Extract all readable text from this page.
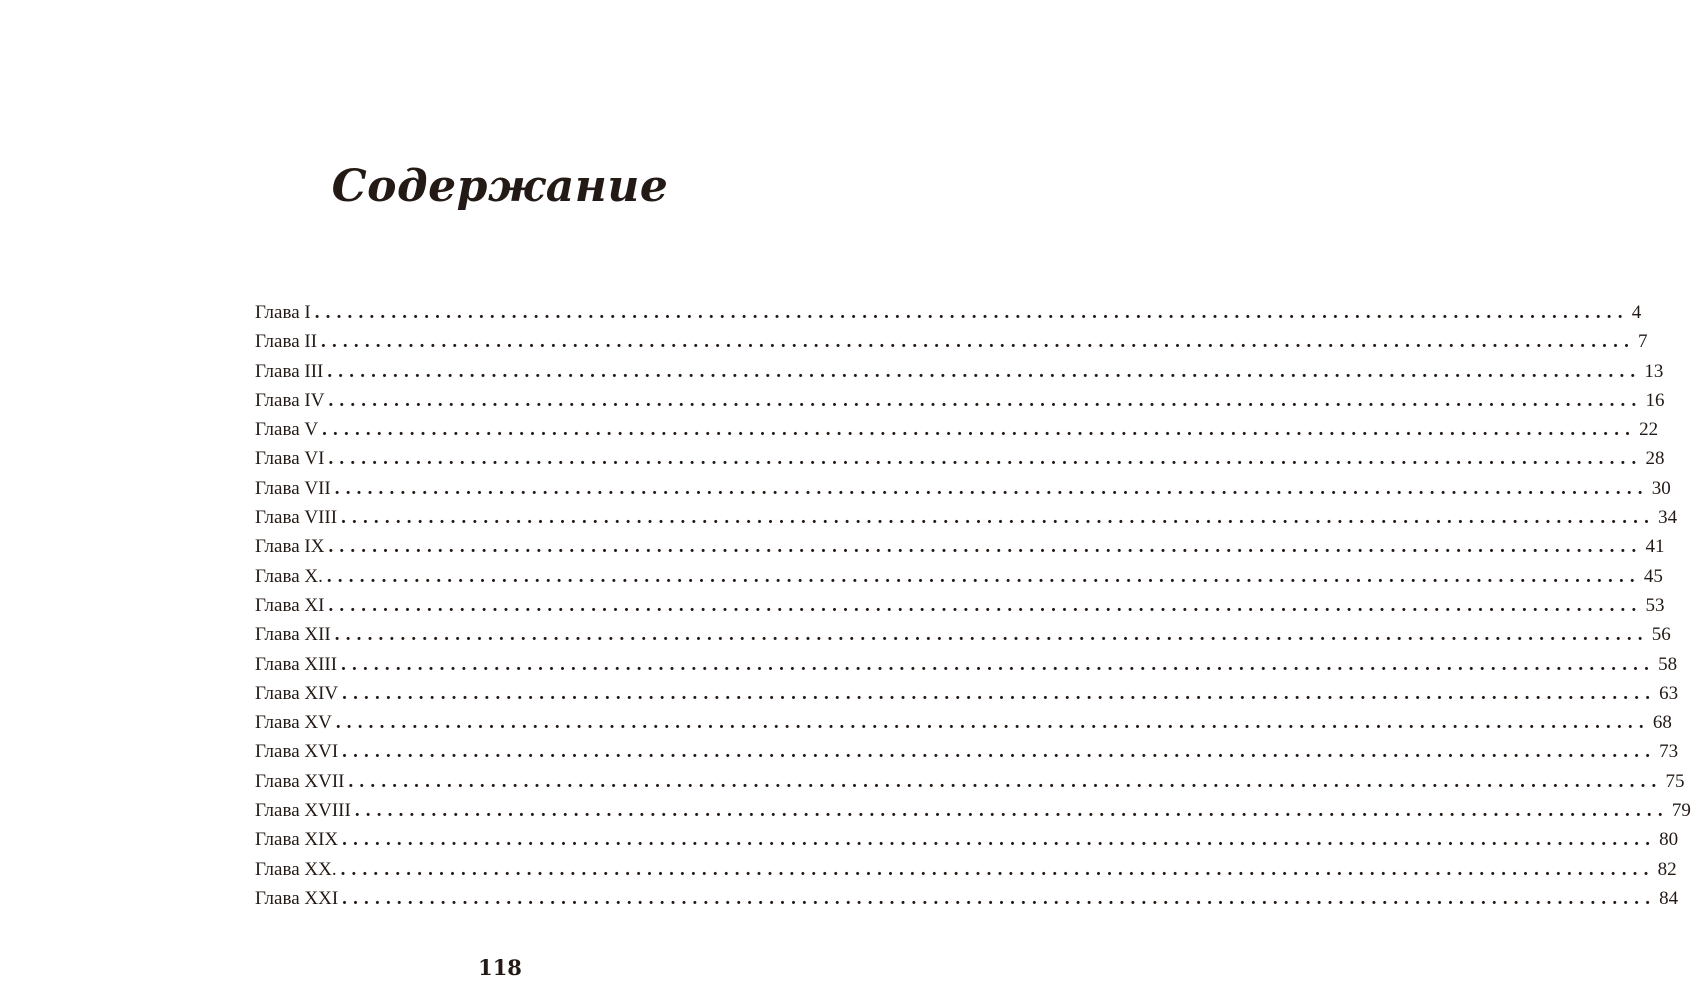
Содержание
Глава I ........................................................................................................................ 4
Глава II ........................................................................................................................ 7
Глава III ........................................................................................................................ 13
Глава IV ........................................................................................................................ 16
Глава V ........................................................................................................................ 22
Глава VI ........................................................................................................................ 28
Глава VII ........................................................................................................................ 30
Глава VIII ........................................................................................................................ 34
Глава IX ........................................................................................................................ 41
Глава X. ........................................................................................................................ 45
Глава XI ........................................................................................................................ 53
Глава XII ........................................................................................................................ 56
Глава XIII ........................................................................................................................ 58
Глава XIV ........................................................................................................................ 63
Глава XV ........................................................................................................................ 68
Глава XVI ........................................................................................................................ 73
Глава XVII ........................................................................................................................ 75
Глава XVIII ........................................................................................................................ 79
Глава XIX ........................................................................................................................ 80
Глава XX. ........................................................................................................................ 82
Глава XXI ........................................................................................................................ 84
118
